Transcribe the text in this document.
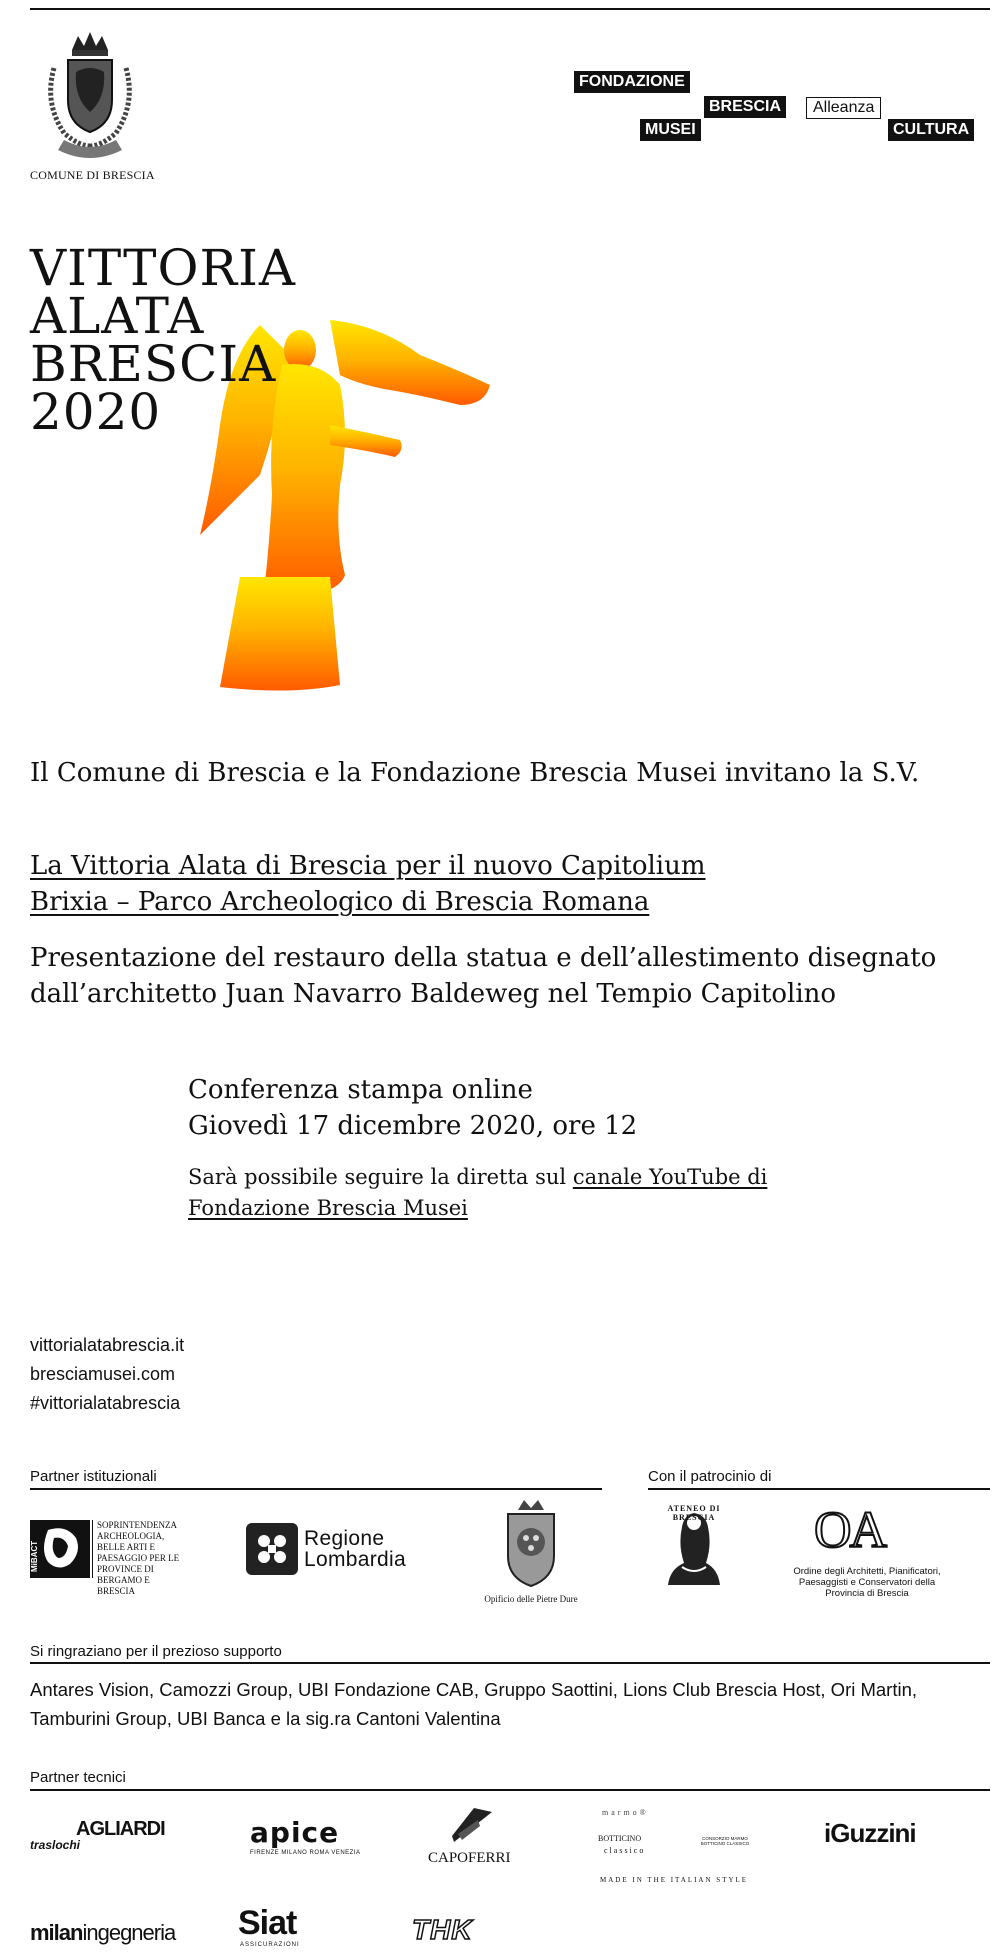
COMUNE DI BRESCIA
FONDAZIONE
BRESCIA
MUSEI
Alleanza
CULTURA
VITTORIA
ALATA
BRESCIA
2020
Il Comune di Brescia e la Fondazione Brescia Musei invitano la S.V.
La Vittoria Alata di Brescia per il nuovo Capitolium
Brixia – Parco Archeologico di Brescia Romana
Presentazione del restauro della statua e dell’allestimento disegnato dall’architetto Juan Navarro Baldeweg nel Tempio Capitolino
Conferenza stampa online
Giovedì 17 dicembre 2020, ore 12
Sarà possibile seguire la diretta sul canale YouTube di Fondazione Brescia Musei
vittorialatabrescia.it
bresciamusei.com
#vittorialatabrescia
Partner istituzionali	Con il patrocinio di
MiBACT
SOPRINTENDENZA ARCHEOLOGIA, BELLE ARTI E PAESAGGIO PER LE PROVINCE DI BERGAMO E BRESCIA
Regione
Lombardia
Opificio delle Pietre Dure
ATENEO DI BRESCIA	OA
Ordine degli Architetti, Pianificatori, Paesaggisti e Conservatori della Provincia di Brescia
Si ringraziano per il prezioso supporto
Antares Vision, Camozzi Group, UBI Fondazione CAB, Gruppo Saottini, Lions Club Brescia Host, Ori Martin, Tamburini Group, UBI Banca e la sig.ra Cantoni Valentina
Partner tecnici
AGLIARDI
traslochi	apice
FIRENZE MILANO ROMA VENEZIA	CAPOFERRI
marmo®
BOTTICINO
classico
CONSORZIO MARMO BOTTICINO CLASSICO
MADE IN THE ITALIAN STYLE
iGuzzini
milaningegneria Siat
ASSICURAZIONI	THK
